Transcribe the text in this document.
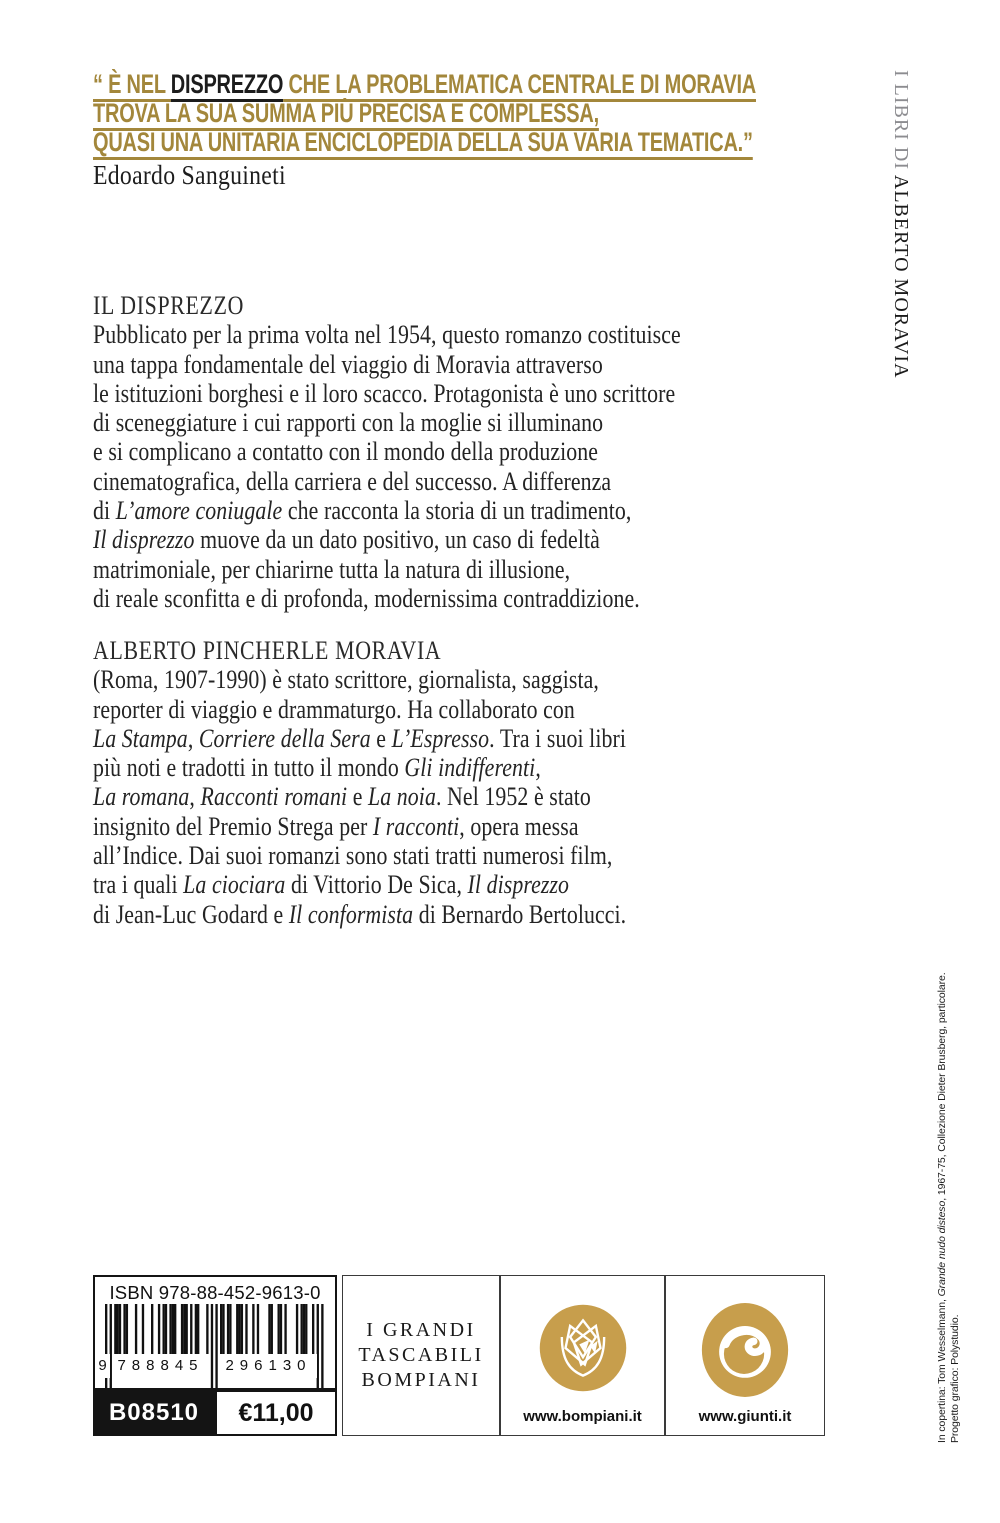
“ È NEL DISPREZZO CHE LA PROBLEMATICA CENTRALE DI MORAVIA
TROVA LA SUA SUMMA PIÙ PRECISA E COMPLESSA,
QUASI UNA UNITARIA ENCICLOPEDIA DELLA SUA VARIA TEMATICA.”
Edoardo Sanguineti
I LIBRI DI ALBERTO MORAVIA
IL DISPREZZO
Pubblicato per la prima volta nel 1954, questo romanzo costituisce
una tappa fondamentale del viaggio di Moravia attraverso
le istituzioni borghesi e il loro scacco. Protagonista è uno scrittore
di sceneggiature i cui rapporti con la moglie si illuminano
e si complicano a contatto con il mondo della produzione
cinematografica, della carriera e del successo. A differenza
di L’amore coniugale che racconta la storia di un tradimento,
Il disprezzo muove da un dato positivo, un caso di fedeltà
matrimoniale, per chiarirne tutta la natura di illusione,
di reale sconfitta e di profonda, modernissima contraddizione.
ALBERTO PINCHERLE MORAVIA
(Roma, 1907-1990) è stato scrittore, giornalista, saggista,
reporter di viaggio e drammaturgo. Ha collaborato con
La Stampa, Corriere della Sera e L’Espresso. Tra i suoi libri
più noti e tradotti in tutto il mondo Gli indifferenti,
La romana, Racconti romani e La noia. Nel 1952 è stato
insignito del Premio Strega per I racconti, opera messa
all’Indice. Dai suoi romanzi sono stati tratti numerosi film,
tra i quali La ciociara di Vittorio De Sica, Il disprezzo
di Jean-Luc Godard e Il conformista di Bernardo Bertolucci.
In copertina: Tom Wesselmann, Grande nudo disteso, 1967-75, Collezione Dieter Brusberg, particolare.
Progetto grafico: Polystudio.
ISBN 978-88-452-9613-0
9 788845	296130
B08510	€11,00
I GRANDI
TASCABILI
BOMPIANI
www.bompiani.it	www.giunti.it
